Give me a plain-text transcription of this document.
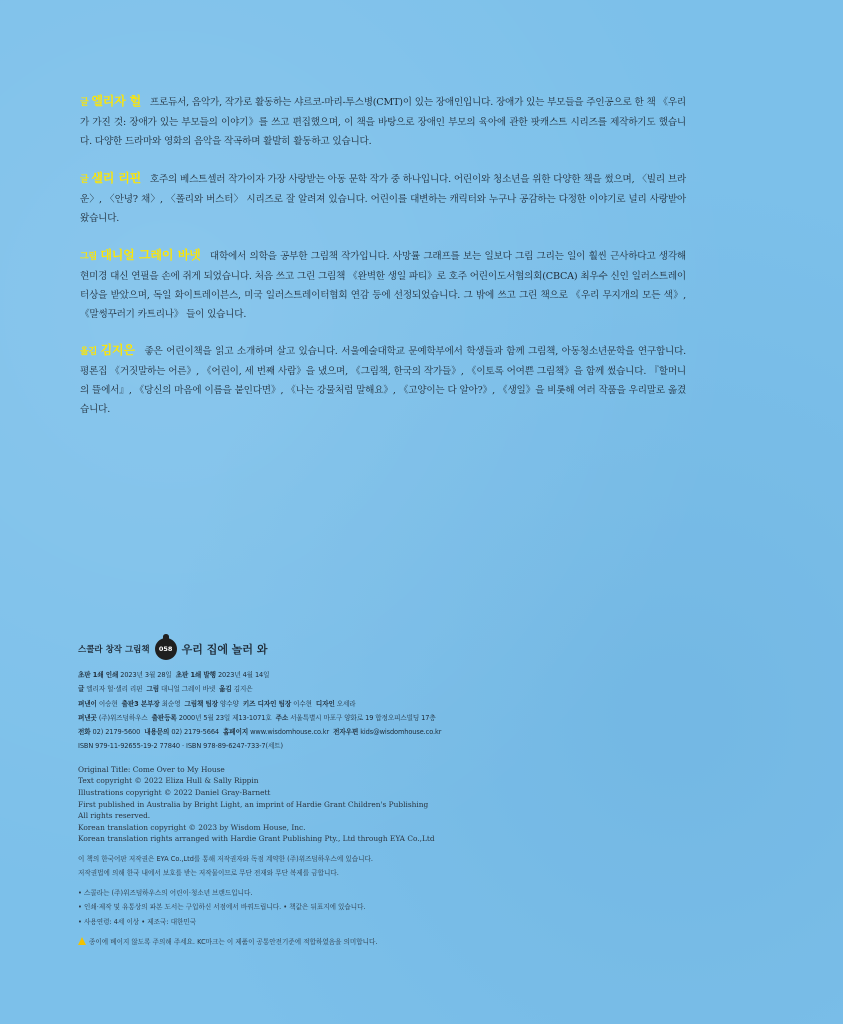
글 엘리자 헐 프로듀서, 음악가, 작가로 활동하는 샤르코-마리-투스병(CMT)이 있는 장애인입니다. 장애가 있는 부모들을 주인공으로 한 책 《우리가 가진 것: 장애가 있는 부모들의 이야기》를 쓰고 편집했으며, 이 책을 바탕으로 장애인 부모의 육아에 관한 팟캐스트 시리즈를 제작하기도 했습니다. 다양한 드라마와 영화의 음악을 작곡하며 활발히 활동하고 있습니다.
글 샐리 리핀 호주의 베스트셀러 작가이자 가장 사랑받는 아동 문학 작가 중 하나입니다. 어린이와 청소년을 위한 다양한 책을 썼으며, 〈빌리 브라운〉, 〈안녕? 채〉, 〈폴리와 버스터〉 시리즈로 잘 알려져 있습니다. 어린이를 대변하는 캐릭터와 누구나 공감하는 다정한 이야기로 널리 사랑받아 왔습니다.
그림 대니얼 그레이 바넷 대학에서 의학을 공부한 그림책 작가입니다. 사망률 그래프를 보는 일보다 그림 그리는 일이 훨씬 근사하다고 생각해 현미경 대신 연필을 손에 쥐게 되었습니다. 처음 쓰고 그린 그림책 《완벽한 생일 파티》로 호주 어린이도서협의회(CBCA) 최우수 신인 일러스트레이터상을 받았으며, 독일 화이트레이븐스, 미국 일러스트레이터협회 연감 등에 선정되었습니다. 그 밖에 쓰고 그린 책으로 《우리 무지개의 모든 색》, 《말썽꾸러기 카트리나》 들이 있습니다.
옮김 김지은 좋은 어린이책을 읽고 소개하며 살고 있습니다. 서울예술대학교 문예학부에서 학생들과 함께 그림책, 아동청소년문학을 연구합니다. 평론집 《거짓말하는 어른》, 《어린이, 세 번째 사람》을 냈으며, 《그림책, 한국의 작가들》, 《이토록 어여쁜 그림책》을 함께 썼습니다. 『할머니의 뜰에서』, 《당신의 마음에 이름을 붙인다면》, 《나는 강물처럼 말해요》, 《고양이는 다 알아?》, 《생일》을 비롯해 여러 작품을 우리말로 옮겼습니다.
스콜라 창작 그림책 058 우리 집에 놀러 와
초판 1쇄 인쇄 2023년 3월 28일 초판 1쇄 발행 2023년 4월 14일
글 엘리자 헐·샐리 리핀 그림 대니얼 그레이 바넷 옮김 김지은
펴낸이 이승현 출판3 본부장 최순영 그림책 팀장 양수양 키즈 디자인 팀장 이수현 디자인 오세라
펴낸곳 (주)위즈덤하우스 출판등록 2000년 5월 23일 제13-1071호 주소 서울특별시 마포구 양화로 19 합정오피스빌딩 17층
전화 02) 2179-5600 내용문의 02) 2179-5664 홈페이지 www.wisdomhouse.co.kr 전자우편 kids@wisdomhouse.co.kr
ISBN 979-11-92655-19-2 77840 · ISBN 978-89-6247-733-7(세트)
Original Title: Come Over to My House
Text copyright © 2022 Eliza Hull & Sally Rippin
Illustrations copyright © 2022 Daniel Gray-Barnett
First published in Australia by Bright Light, an imprint of Hardie Grant Children's Publishing
All rights reserved.
Korean translation copyright © 2023 by Wisdom House, Inc.
Korean translation rights arranged with Hardie Grant Publishing Pty., Ltd through EYA Co.,Ltd
이 책의 한국어판 저작권은 EYA Co.,Ltd를 통해 저작권자와 독점 계약한 (주)위즈덤하우스에 있습니다.
저작권법에 의해 한국 내에서 보호를 받는 저작물이므로 무단 전재와 무단 복제를 금합니다.
• 스콜라는 (주)위즈덤하우스의 어린이·청소년 브랜드입니다.
• 인쇄·제작 및 유통상의 파본 도서는 구입하신 서점에서 바꿔드립니다. • 책값은 뒤표지에 있습니다.
• 사용연령: 4세 이상 • 제조국: 대한민국
종이에 베이지 않도록 주의해 주세요. KC마크는 이 제품이 공통안전기준에 적합하였음을 의미합니다.
